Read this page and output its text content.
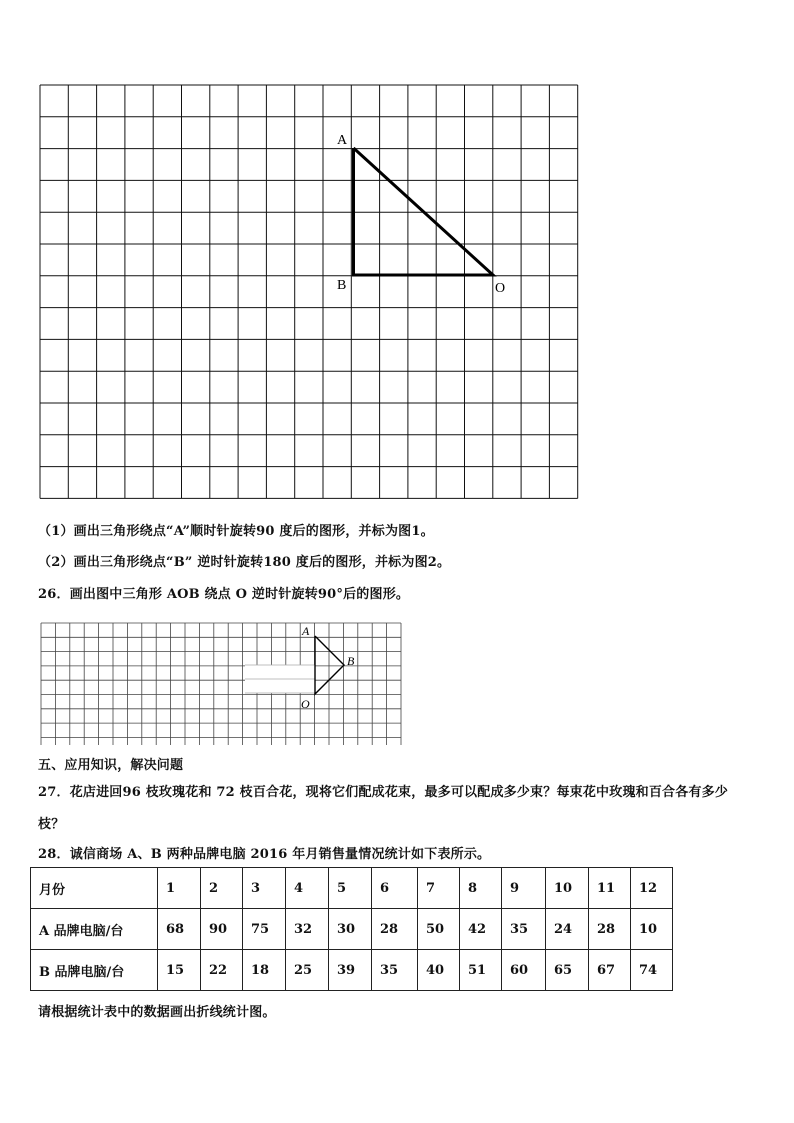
A
B	O
（1）画出三角形绕点“A”顺时针旋转90 度后的图形，并标为图1。
（2）画出三角形绕点“B” 逆时针旋转180 度后的图形，并标为图2。
26．画出图中三角形 AOB 绕点 O 逆时针旋转90°后的图形。
A
B
O
五、应用知识，解决问题
27．花店进回96 枝玫瑰花和 72 枝百合花，现将它们配成花束，最多可以配成多少束？每束花中玫瑰和百合各有多少
枝？
28．诚信商场 A、B 两种品牌电脑 2016 年月销售量情况统计如下表所示。
月份	1	2	3	4	5	6	7	8	9	10	11	12
A 品牌电脑/台	68	90	75	32	30	28	50	42	35	24	28	10
B 品牌电脑/台	15	22	18	25	39	35	40	51	60	65	67	74
请根据统计表中的数据画出折线统计图。
